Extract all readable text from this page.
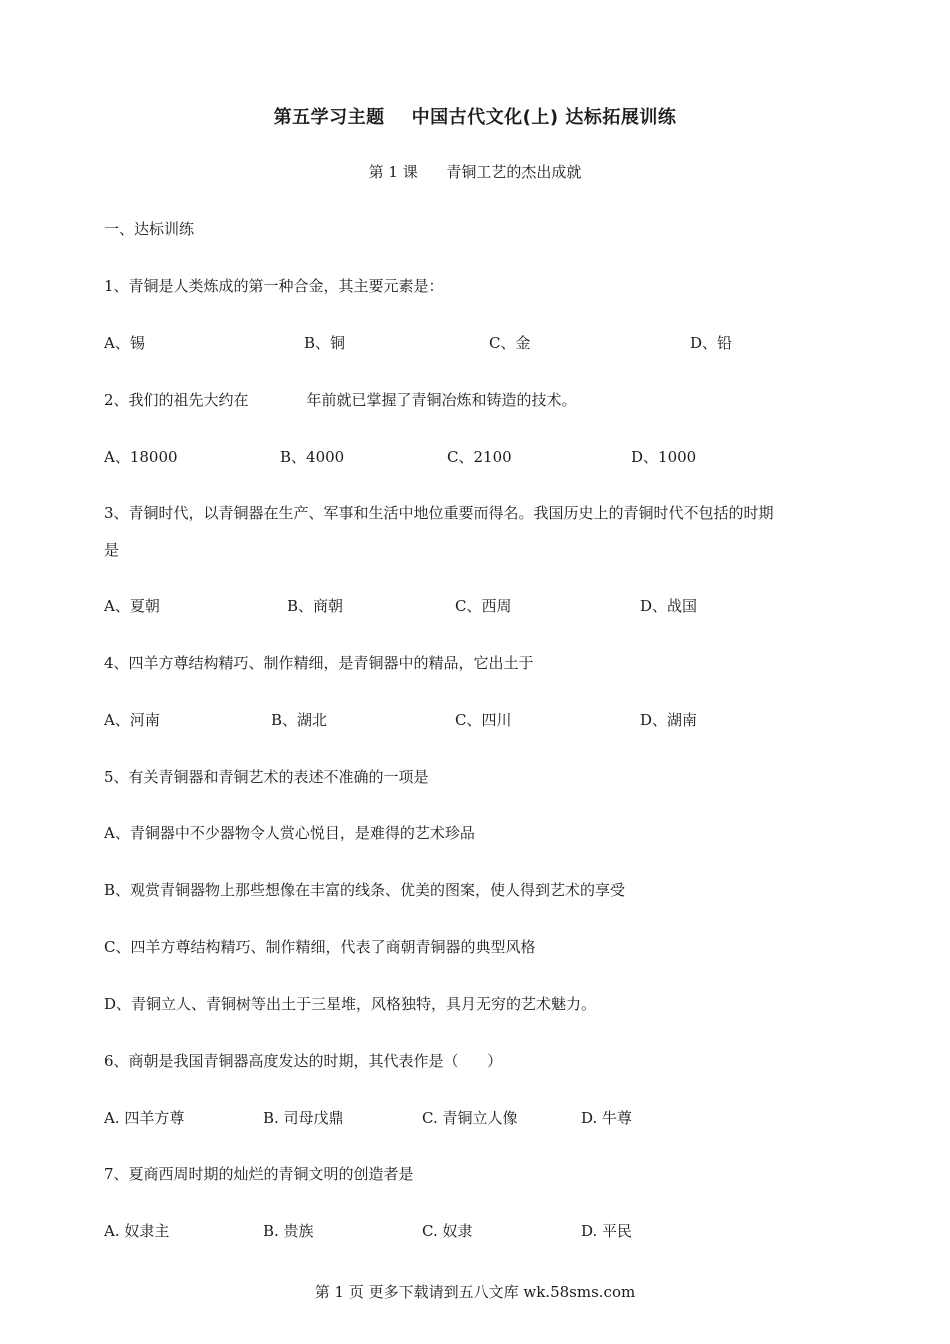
第五学习主题    中国古代文化(上) 达标拓展训练
第 1 课      青铜工艺的杰出成就
一、达标训练
1、青铜是人类炼成的第一种合金，其主要元素是：
A、锡	B、铜	C、金	D、铅
2、我们的祖先大约在	年前就已掌握了青铜冶炼和铸造的技术。
A、18000	B、4000	C、2100	D、1000
3、青铜时代，以青铜器在生产、军事和生活中地位重要而得名。我国历史上的青铜时代不包括的时期
是
A、夏朝	B、商朝	C、西周	D、战国
4、四羊方尊结构精巧、制作精细，是青铜器中的精品，它出土于
A、河南	B、湖北	C、四川	D、湖南
5、有关青铜器和青铜艺术的表述不准确的一项是
A、青铜器中不少器物令人赏心悦目，是难得的艺术珍品
B、观赏青铜器物上那些想像在丰富的线条、优美的图案，使人得到艺术的享受
C、四羊方尊结构精巧、制作精细，代表了商朝青铜器的典型风格
D、青铜立人、青铜树等出土于三星堆，风格独特，具月无穷的艺术魅力。
6、商朝是我国青铜器高度发达的时期，其代表作是（      ）
A. 四羊方尊	B. 司母戊鼎	C. 青铜立人像	D. 牛尊
7、夏商西周时期的灿烂的青铜文明的创造者是
A. 奴隶主	B. 贵族	C. 奴隶	D. 平民
第 1 页 更多下载请到五八文库 wk.58sms.com
